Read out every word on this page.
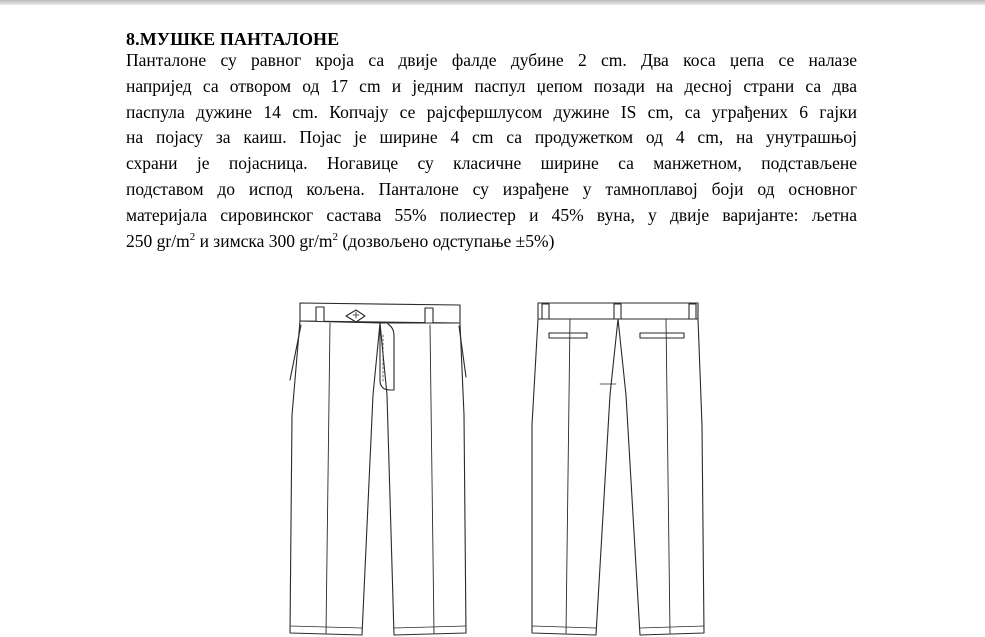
8.МУШКЕ ПАНТАЛОНЕ
Панталоне су равног кроја са двије фалде дубине 2 cm. Два коса џепа се налазе
напријед са отвором од 17 cm и једним паспул џепом позади на десној страни са два
паспула дужине 14 cm. Копчају се рајсфершлусом дужине IS cm, са уграђених 6 гајки
на појасу за каиш. Појас је ширине 4 cm са продужетком од 4 cm, на унутрашњој
схрани је појасница. Ногавице су класичне ширине са манжетном, подстављене
подставом до испод кољена. Панталоне су израђене у тамноплавој боји од основног
материјала сировинског састава 55% полиестер и 45% вуна, у двије варијанте: љетна
250 $gr/m^2$ и зимска 300 $gr/m^2$ (дозвољено одступање ±5%)
